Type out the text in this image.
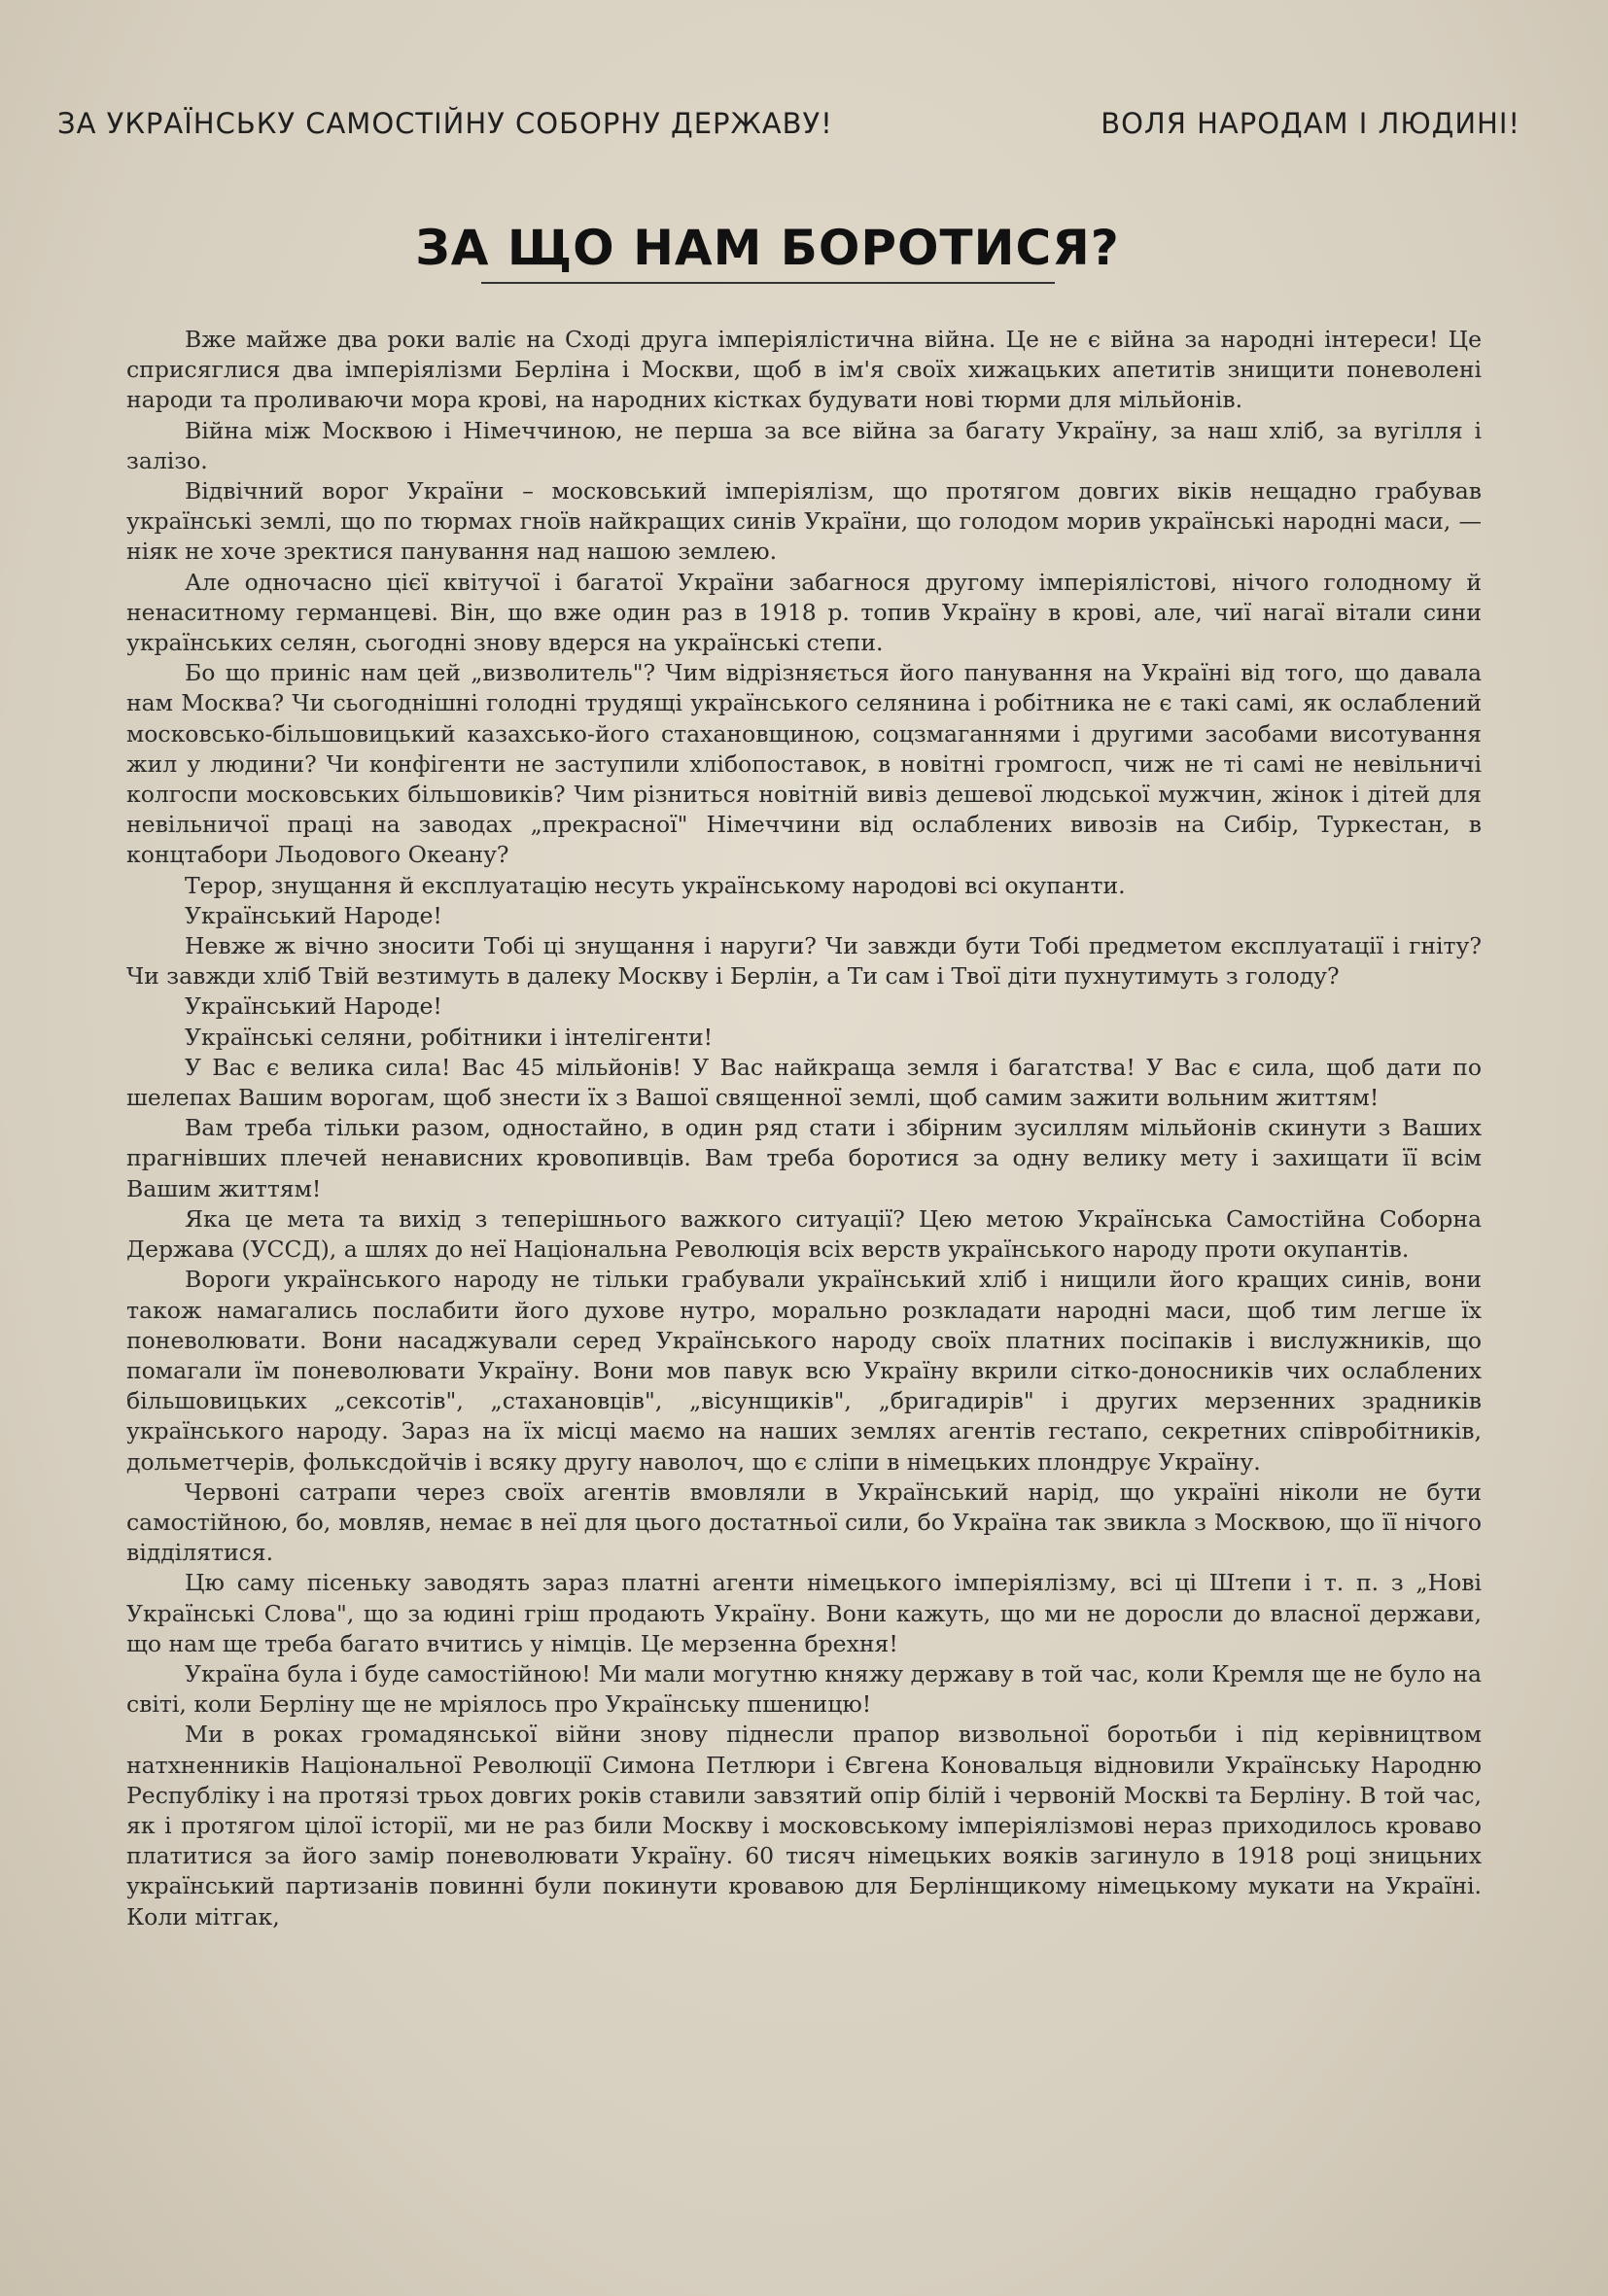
ЗА УКРАЇНСЬКУ САМОСТІЙНУ СОБОРНУ ДЕРЖАВУ!	ВОЛЯ НАРОДАМ І ЛЮДИНІ!
ЗА ЩО НАМ БОРОТИСЯ?

Вже майже два роки валіє на Сході друга імперіялістична війна. Це не є війна за народні інтереси! Це сприсяглися два імперіялізми Берліна і Москви, щоб в ім'я своїх хижацьких апетитів знищити поневолені народи та проливаючи мора крові, на народних кістках будувати нові тюрми для мільйонів.

Війна між Москвою і Німеччиною, не перша за все війна за багату Україну, за наш хліб, за вугілля і залізо.

Відвічний ворог України – московський імперіялізм, що протягом довгих віків нещадно грабував українські землі, що по тюрмах гноїв найкращих синів України, що голодом морив українські народні маси, — ніяк не хоче зректися панування над нашою землею.

Але одночасно цієї квітучої і багатої України забагнося другому імперіялістові, нічого голодному й ненаситному германцеві. Він, що вже один раз в 1918 р. топив Україну в крові, але, чиї нагаї вітали сини українських селян, сьогодні знову вдерся на українські степи.

Бо що приніс нам цей „визволитель"? Чим відрізняється його панування на Україні від того, що давала нам Москва? Чи сьогоднішні голодні трудящі українського селянина і робітника не є такі самі, як ослаблений московсько-більшовицький казахсько-його стахановщиною, соцзмаганнями і другими засобами висотування жил у людини? Чи конфігенти не заступили хлібопоставок, в новітні громгосп, чиж не ті самі не невільничі колгоспи московських більшовиків? Чим різниться новітній вивіз дешевої людської мужчин, жінок і дітей для невільничої праці на заводах „прекрасної" Німеччини від ослаблених вивозів на Сибір, Туркестан, в концтабори Льодового Океану?

Терор, знущання й експлуатацію несуть українському народові всі окупанти.

Український Народе!

Невже ж вічно зносити Тобі ці знущання і наруги? Чи завжди бути Тобі предметом експлуатації і гніту? Чи завжди хліб Твій везтимуть в далеку Москву і Берлін, а Ти сам і Твої діти пухнутимуть з голоду?

Український Народе!

Українські селяни, робітники і інтелігенти!

У Вас є велика сила! Вас 45 мільйонів! У Вас найкраща земля і багатства! У Вас є сила, щоб дати по шелепах Вашим ворогам, щоб знести їх з Вашої священної землі, щоб самим зажити вольним життям!

Вам треба тільки разом, одностайно, в один ряд стати і збірним зусиллям мільйонів скинути з Ваших прагнівших плечей ненависних кровопивців. Вам треба боротися за одну велику мету і захищати її всім Вашим життям!

Яка це мета та вихід з теперішнього важкого ситуації? Цею метою Українська Самостійна Соборна Держава (УССД), а шлях до неї Національна Революція всіх верств українського народу проти окупантів.

Вороги українського народу не тільки грабували український хліб і нищили його кращих синів, вони також намагались послабити його духове нутро, морально розкладати народні маси, щоб тим легше їх поневолювати. Вони насаджували серед Українського народу своїх платних посіпаків і вислужників, що помагали їм поневолювати Україну. Вони мов павук всю Україну вкрили сітко-доносників чих ослаблених більшовицьких „сексотів", „стахановців", „вісунщиків", „бригадирів" і других мерзенних зрадників українського народу. Зараз на їх місці маємо на наших землях агентів гестапо, секретних співробітників, дольметчерів, фольксдойчів і всяку другу наволоч, що є сліпи в німецьких плондрує Україну.

Червоні сатрапи через своїх агентів вмовляли в Український нарід, що україні ніколи не бути самостійною, бо, мовляв, немає в неї для цього достатньої сили, бо Україна так звикла з Москвою, що її нічого відділятися.

Цю саму пісеньку заводять зараз платні агенти німецького імперіялізму, всі ці Штепи і т. п. з „Нові Українські Слова", що за юдині гріш продають Україну. Вони кажуть, що ми не доросли до власної держави, що нам ще треба багато вчитись у німців. Це мерзенна брехня!

Україна була і буде самостійною! Ми мали могутню княжу державу в той час, коли Кремля ще не було на світі, коли Берліну ще не мріялось про Українську пшеницю!

Ми в роках громадянської війни знову піднесли прапор визвольної боротьби і під керівництвом натхненників Національної Революції Симона Петлюри і Євгена Коновальця відновили Українську Народню Республіку і на протязі трьох довгих років ставили завзятий опір білій і червоній Москві та Берліну. В той час, як і протягом цілої історії, ми не раз били Москву і московському імперіялізмові нераз приходилось кроваво платитися за його замір поневолювати Україну. 60 тисяч німецьких вояків загинуло в 1918 році зницьних український партизанів повинні були покинути кровавою для Берлінщикому німецькому мукати на Україні. Коли мітгак,
